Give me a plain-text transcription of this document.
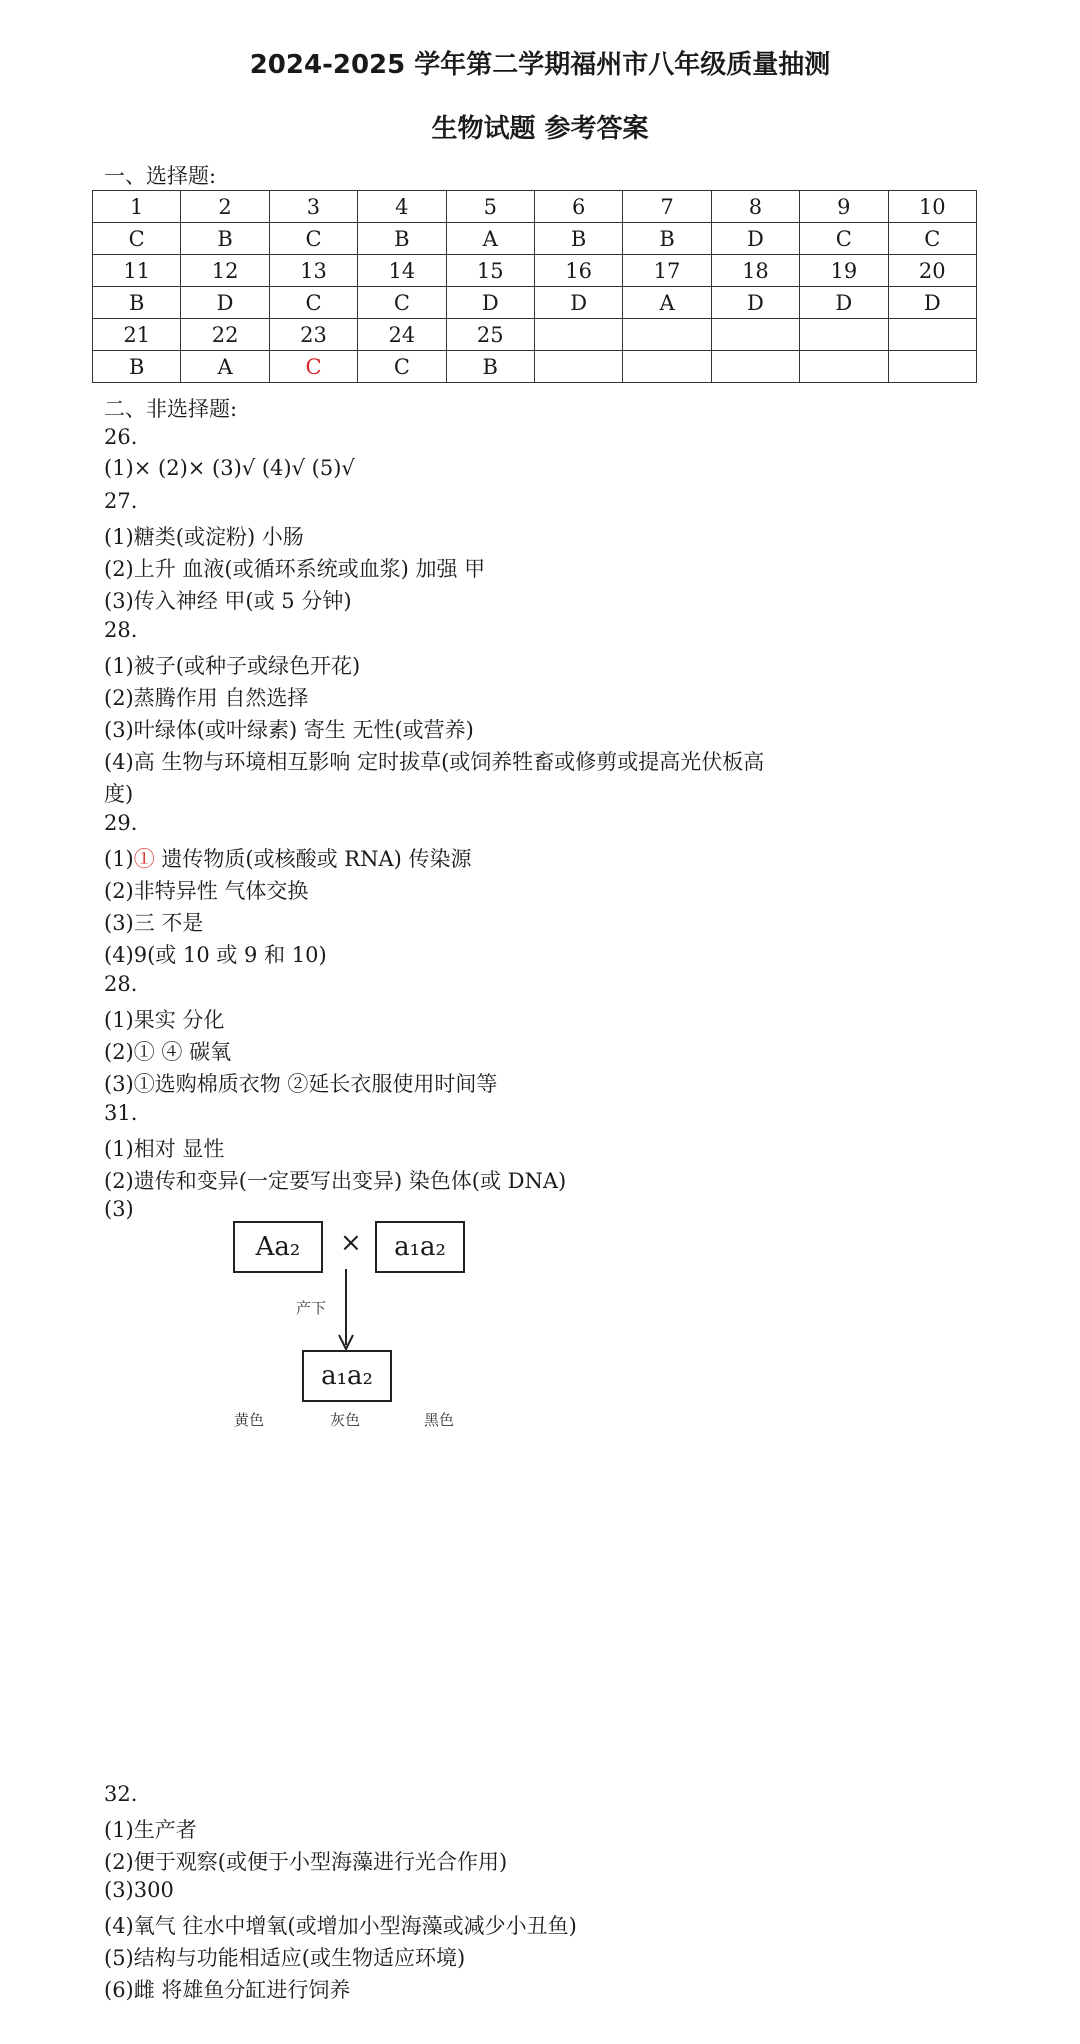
2024-2025 学年第二学期福州市八年级质量抽测
生物试题 参考答案
一、选择题:
1	2	3	4	5	6	7	8	9	10
C	B	C	B	A	B	B	D	C	C
11	12	13	14	15	16	17	18	19	20
B	D	C	C	D	D	A	D	D	D
21	22	23	24	25					
B	A	C	C	B					
二、非选择题:
26.
(1)× (2)× (3)√ (4)√ (5)√
27.
(1)糖类(或淀粉) 小肠
(2)上升 血液(或循环系统或血浆) 加强 甲
(3)传入神经 甲(或 5 分钟)
28.
(1)被子(或种子或绿色开花)
(2)蒸腾作用 自然选择
(3)叶绿体(或叶绿素) 寄生 无性(或营养)
(4)高 生物与环境相互影响 定时拔草(或饲养牲畜或修剪或提高光伏板高
度)
29.
(1)① 遗传物质(或核酸或 RNA) 传染源
(2)非特异性 气体交换
(3)三 不是
(4)9(或 10 或 9 和 10)
28.
(1)果实 分化
(2)① ④ 碳氧
(3)①选购棉质衣物 ②延长衣服使用时间等
31.
(1)相对 显性
(2)遗传和变异(一定要写出变异) 染色体(或 DNA)
(3)
Aa₂	×	a₁a₂
产下
a₁a₂
黄色	灰色	黑色
32.
(1)生产者
(2)便于观察(或便于小型海藻进行光合作用)
(3)300
(4)氧气 往水中增氧(或增加小型海藻或减少小丑鱼)
(5)结构与功能相适应(或生物适应环境)
(6)雌 将雄鱼分缸进行饲养
